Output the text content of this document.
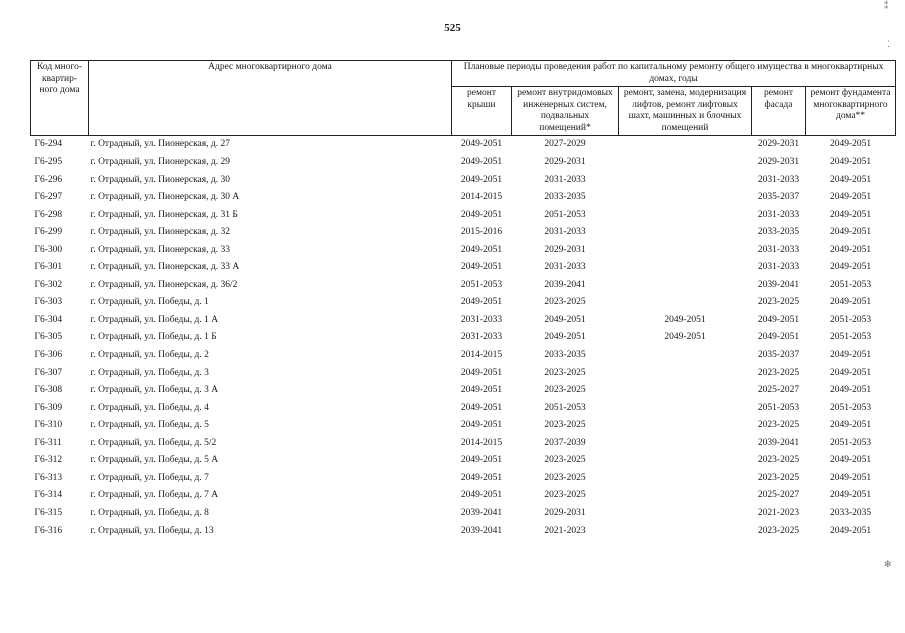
525
⁑
⁚
✻
Код много-квартир-ного дома	Адрес многоквартирного дома	Плановые периоды проведения работ по капитальному ремонту общего имущества в многоквартирных домах, годы				
		ремонт крыши	ремонт внутридомовых инженерных систем, подвальных помещений*	ремонт, замена, модернизация лифтов, ремонт лифтовых шахт, машинных и блочных помещений	ремонт фасада	ремонт фундамента многоквартирного дома**
Г6-294	г. Отрадный, ул. Пионерская, д. 27	2049-2051	2027-2029		2029-2031	2049-2051
Г6-295	г. Отрадный, ул. Пионерская, д. 29	2049-2051	2029-2031		2029-2031	2049-2051
Г6-296	г. Отрадный, ул. Пионерская, д. 30	2049-2051	2031-2033		2031-2033	2049-2051
Г6-297	г. Отрадный, ул. Пионерская, д. 30 А	2014-2015	2033-2035		2035-2037	2049-2051
Г6-298	г. Отрадный, ул. Пионерская, д. 31 Б	2049-2051	2051-2053		2031-2033	2049-2051
Г6-299	г. Отрадный, ул. Пионерская, д. 32	2015-2016	2031-2033		2033-2035	2049-2051
Г6-300	г. Отрадный, ул. Пионерская, д. 33	2049-2051	2029-2031		2031-2033	2049-2051
Г6-301	г. Отрадный, ул. Пионерская, д. 33 А	2049-2051	2031-2033		2031-2033	2049-2051
Г6-302	г. Отрадный, ул. Пионерская, д. 36/2	2051-2053	2039-2041		2039-2041	2051-2053
Г6-303	г. Отрадный, ул. Победы, д. 1	2049-2051	2023-2025		2023-2025	2049-2051
Г6-304	г. Отрадный, ул. Победы, д. 1 А	2031-2033	2049-2051	2049-2051	2049-2051	2051-2053
Г6-305	г. Отрадный, ул. Победы, д. 1 Б	2031-2033	2049-2051	2049-2051	2049-2051	2051-2053
Г6-306	г. Отрадный, ул. Победы, д. 2	2014-2015	2033-2035		2035-2037	2049-2051
Г6-307	г. Отрадный, ул. Победы, д. 3	2049-2051	2023-2025		2023-2025	2049-2051
Г6-308	г. Отрадный, ул. Победы, д. 3 А	2049-2051	2023-2025		2025-2027	2049-2051
Г6-309	г. Отрадный, ул. Победы, д. 4	2049-2051	2051-2053		2051-2053	2051-2053
Г6-310	г. Отрадный, ул. Победы, д. 5	2049-2051	2023-2025		2023-2025	2049-2051
Г6-311	г. Отрадный, ул. Победы, д. 5/2	2014-2015	2037-2039		2039-2041	2051-2053
Г6-312	г. Отрадный, ул. Победы, д. 5 А	2049-2051	2023-2025		2023-2025	2049-2051
Г6-313	г. Отрадный, ул. Победы, д. 7	2049-2051	2023-2025		2023-2025	2049-2051
Г6-314	г. Отрадный, ул. Победы, д. 7 А	2049-2051	2023-2025		2025-2027	2049-2051
Г6-315	г. Отрадный, ул. Победы, д. 8	2039-2041	2029-2031		2021-2023	2033-2035
Г6-316	г. Отрадный, ул. Победы, д. 13	2039-2041	2021-2023		2023-2025	2049-2051
